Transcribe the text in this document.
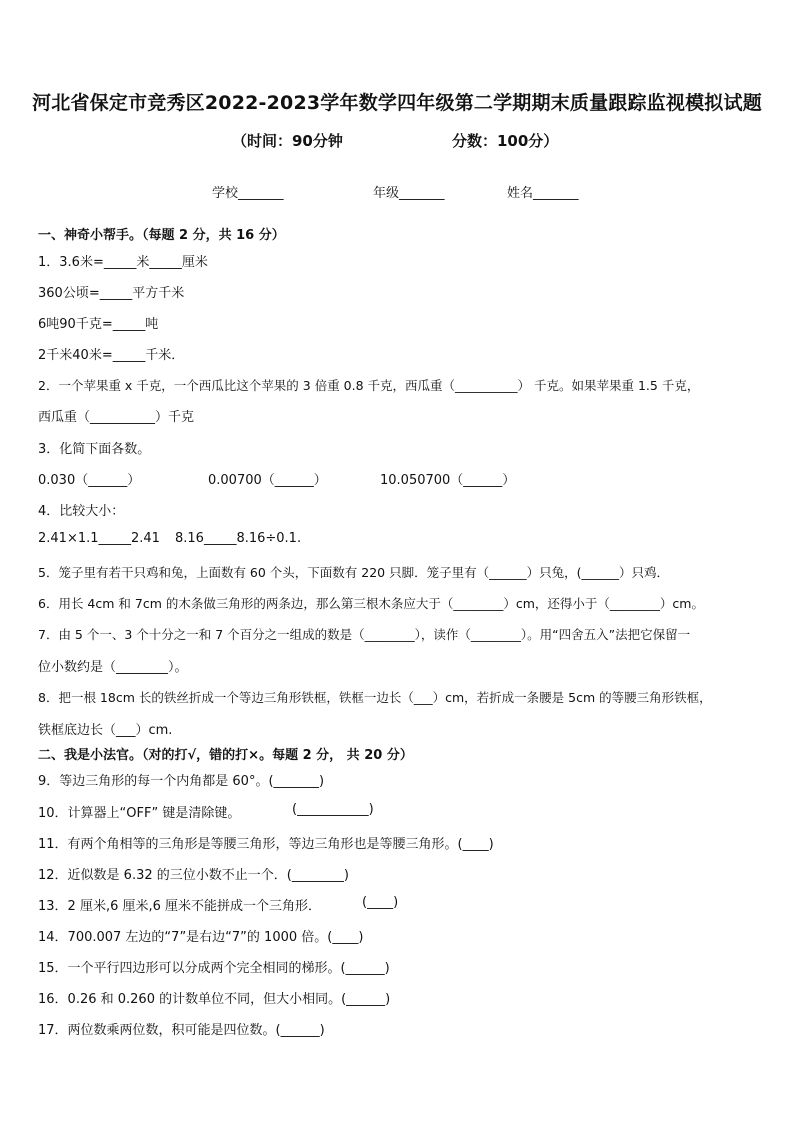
河北省保定市竞秀区2022-2023学年数学四年级第二学期期末质量跟踪监视模拟试题
（时间：90分钟	分数：100分）
学校_______	年级_______	姓名_______
一、神奇小帮手。（每题 2 分，共 16 分）
1．3.6米=_____米_____厘米
360公顷=_____平方千米
6吨90千克=_____吨
2千米40米=_____千米．
2．一个苹果重 x 千克，一个西瓜比这个苹果的 3 倍重 0.8 千克，西瓜重（__________） 千克。如果苹果重 1.5 千克，
西瓜重（__________）千克
3．化简下面各数。
0.030（______）	0.00700（______）	10.050700（______）
4．比较大小：
2.41×1.1_____2.41 8.16_____8.16÷0.1.
5．笼子里有若干只鸡和兔，上面数有 60 个头，下面数有 220 只脚．笼子里有（______）只兔，(______）只鸡．
6．用长 4cm 和 7cm 的木条做三角形的两条边，那么第三根木条应大于（________）cm，还得小于（________）cm。
7．由 5 个一、3 个十分之一和 7 个百分之一组成的数是（________），读作（________）。用“四舍五入”法把它保留一
位小数约是（________）。
8．把一根 18cm 长的铁丝折成一个等边三角形铁框，铁框一边长（___）cm，若折成一条腰是 5cm 的等腰三角形铁框，
铁框底边长（___）cm.
二、我是小法官。（对的打√，错的打×。每题 2 分， 共 20 分）
9．等边三角形的每一个内角都是 60°。(_______)
10．计算器上“OFF” 键是清除键。	(___________)
11．有两个角相等的三角形是等腰三角形，等边三角形也是等腰三角形。(____)
12．近似数是 6.32 的三位小数不止一个．(________)
13．2 厘米,6 厘米,6 厘米不能拼成一个三角形．	(____)
14．700.007 左边的“7”是右边“7”的 1000 倍。(____)
15．一个平行四边形可以分成两个完全相同的梯形。(______)
16．0.26 和 0.260 的计数单位不同，但大小相同。(______)
17．两位数乘两位数，积可能是四位数。(______)
